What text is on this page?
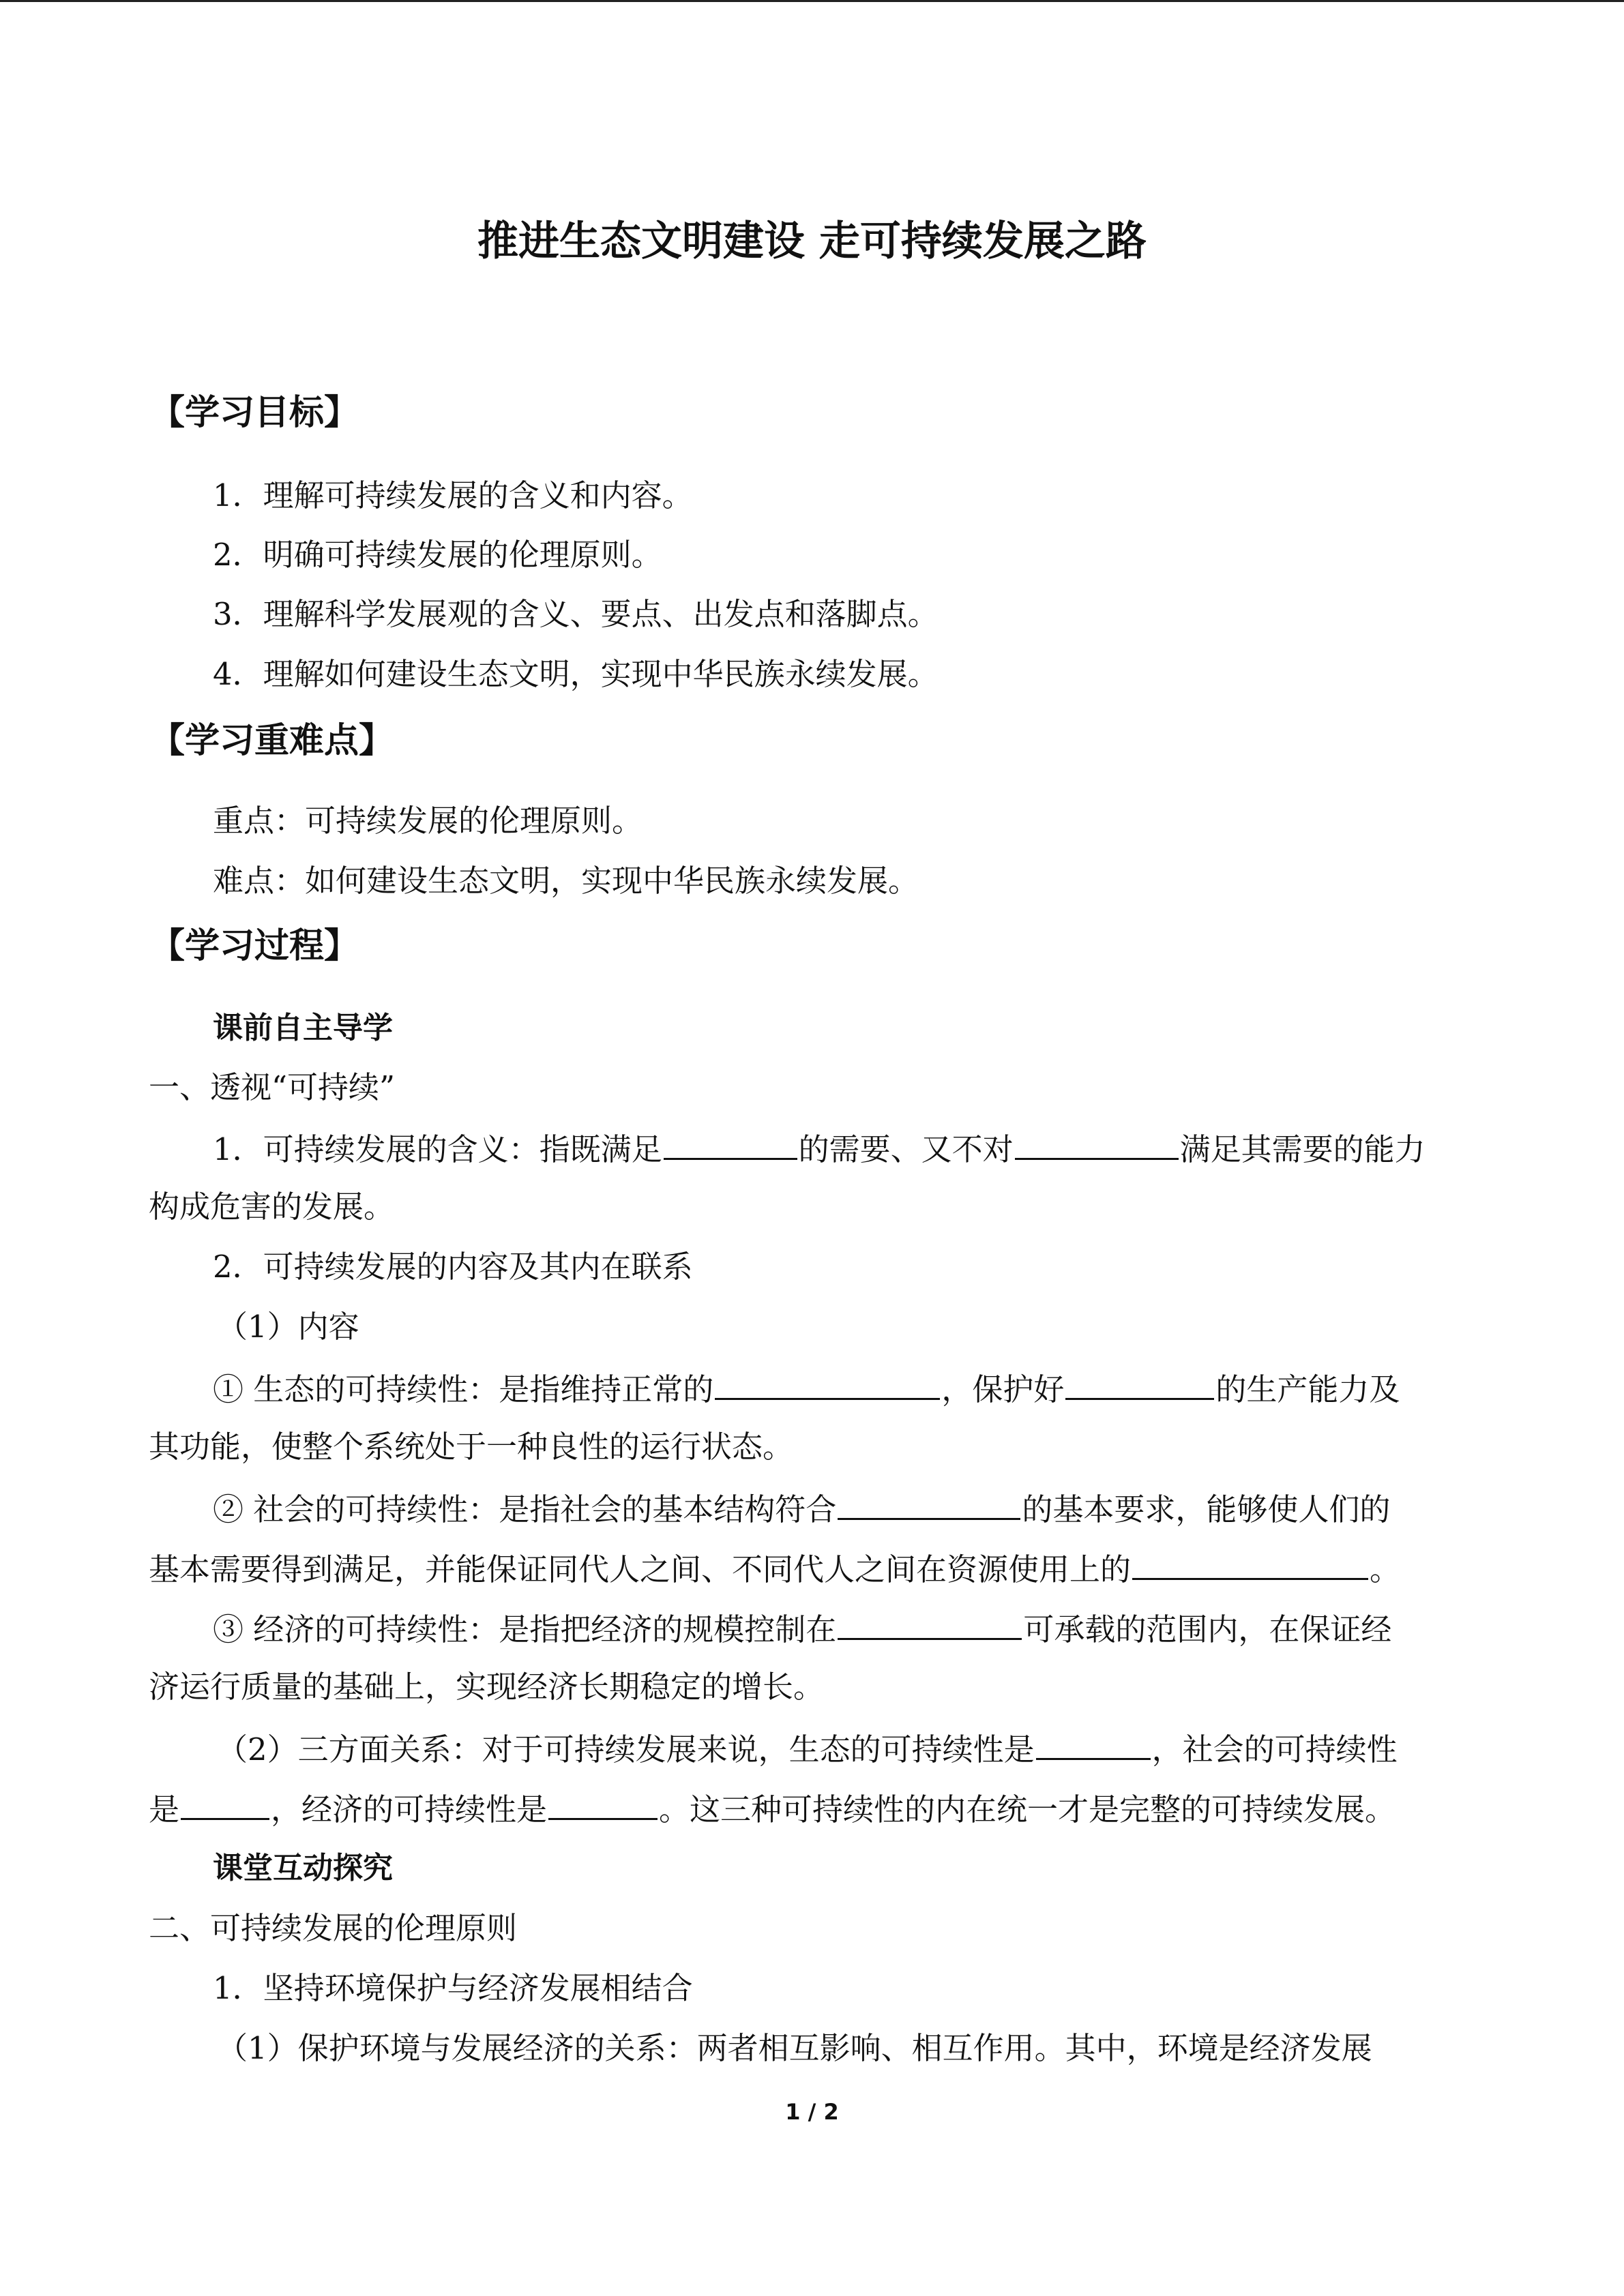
推进生态文明建设 走可持续发展之路
【学习目标】
1．理解可持续发展的含义和内容。
2．明确可持续发展的伦理原则。
3．理解科学发展观的含义、要点、出发点和落脚点。
4．理解如何建设生态文明，实现中华民族永续发展。
【学习重难点】
重点：可持续发展的伦理原则。
难点：如何建设生态文明，实现中华民族永续发展。
【学习过程】
课前自主导学
一、透视“可持续”
1．可持续发展的含义：指既满足	的需要、又不对	满足其需要的能力
构成危害的发展。
2．可持续发展的内容及其内在联系
（1）内容
① 生态的可持续性：是指维持正常的	，保护好	的生产能力及
其功能，使整个系统处于一种良性的运行状态。
② 社会的可持续性：是指社会的基本结构符合	的基本要求，能够使人们的
基本需要得到满足，并能保证同代人之间、不同代人之间在资源使用上的	。
③ 经济的可持续性：是指把经济的规模控制在	可承载的范围内，在保证经
济运行质量的基础上，实现经济长期稳定的增长。
（2）三方面关系：对于可持续发展来说，生态的可持续性是	，社会的可持续性
是	，经济的可持续性是	。这三种可持续性的内在统一才是完整的可持续发展。
课堂互动探究
二、可持续发展的伦理原则
1．坚持环境保护与经济发展相结合
（1）保护环境与发展经济的关系：两者相互影响、相互作用。其中，环境是经济发展
1 / 2
